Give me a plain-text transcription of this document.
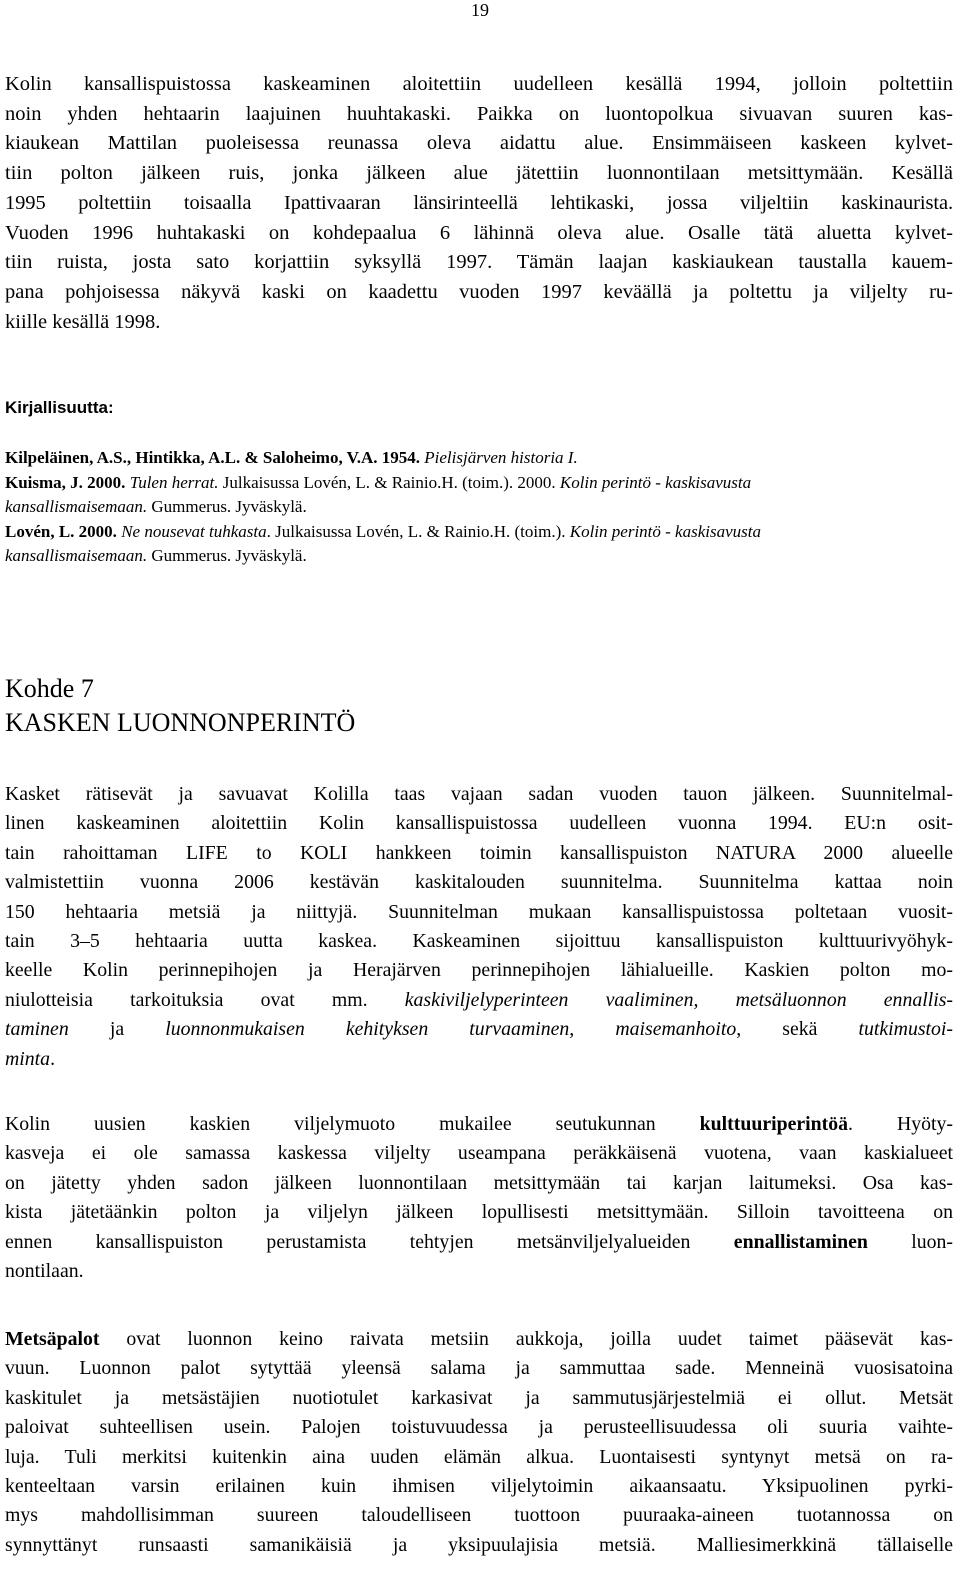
19
Kolin kansallispuistossa kaskeaminen aloitettiin uudelleen kesällä 1994, jolloin poltettiin
noin yhden hehtaarin laajuinen huuhtakaski. Paikka on luontopolkua sivuavan suuren kas-
kiaukean Mattilan puoleisessa reunassa oleva aidattu alue. Ensimmäiseen kaskeen kylvet-
tiin polton jälkeen ruis, jonka jälkeen alue jätettiin luonnontilaan metsittymään. Kesällä
1995 poltettiin toisaalla Ipattivaaran länsirinteellä lehtikaski, jossa viljeltiin kaskinaurista.
Vuoden 1996 huhtakaski on kohdepaalua 6 lähinnä oleva alue. Osalle tätä aluetta kylvet-
tiin ruista, josta sato korjattiin syksyllä 1997. Tämän laajan kaskiaukean taustalla kauem-
pana pohjoisessa näkyvä kaski on kaadettu vuoden 1997 keväällä ja poltettu ja viljelty ru-
kiille kesällä 1998.
Kirjallisuutta:
Kilpeläinen, A.S., Hintikka, A.L. & Saloheimo, V.A. 1954. Pielisjärven historia I.
Kuisma, J. 2000. Tulen herrat. Julkaisussa Lovén, L. & Rainio.H. (toim.). 2000. Kolin perintö - kaskisavusta kansallismaisemaan. Gummerus. Jyväskylä.
Lovén, L. 2000. Ne nousevat tuhkasta. Julkaisussa Lovén, L. & Rainio.H. (toim.). Kolin perintö - kaskisavusta kansallismaisemaan. Gummerus. Jyväskylä.
Kohde 7
KASKEN LUONNONPERINTÖ
Kasket rätisevät ja savuavat Kolilla taas vajaan sadan vuoden tauon jälkeen. Suunnitelmal-
linen kaskeaminen aloitettiin Kolin kansallispuistossa uudelleen vuonna 1994. EU:n osit-
tain rahoittaman LIFE to KOLI hankkeen toimin kansallispuiston NATURA 2000 alueelle
valmistettiin vuonna 2006 kestävän kaskitalouden suunnitelma. Suunnitelma kattaa noin
150 hehtaaria metsiä ja niittyjä. Suunnitelman mukaan kansallispuistossa poltetaan vuosit-
tain 3–5 hehtaaria uutta kaskea. Kaskeaminen sijoittuu kansallispuiston kulttuurivyöhyk-
keelle Kolin perinnepihojen ja Herajärven perinnepihojen lähialueille. Kaskien polton mo-
niulotteisia tarkoituksia ovat mm. kaskiviljelyperinteen vaaliminen, metsäluonnon ennallis-
taminen ja luonnonmukaisen kehityksen turvaaminen, maisemanhoito, sekä tutkimustoi-
minta.
Kolin uusien kaskien viljelymuoto mukailee seutukunnan kulttuuriperintöä. Hyöty-
kasveja ei ole samassa kaskessa viljelty useampana peräkkäisenä vuotena, vaan kaskialueet
on jätetty yhden sadon jälkeen luonnontilaan metsittymään tai karjan laitumeksi. Osa kas-
kista jätetäänkin polton ja viljelyn jälkeen lopullisesti metsittymään. Silloin tavoitteena on
ennen kansallispuiston perustamista tehtyjen metsänviljelyalueiden ennallistaminen luon-
nontilaan.
Metsäpalot ovat luonnon keino raivata metsiin aukkoja, joilla uudet taimet pääsevät kas-
vuun. Luonnon palot sytyttää yleensä salama ja sammuttaa sade. Menneinä vuosisatoina
kaskitulet ja metsästäjien nuotiotulet karkasivat ja sammutusjärjestelmiä ei ollut. Metsät
paloivat suhteellisen usein. Palojen toistuvuudessa ja perusteellisuudessa oli suuria vaihte-
luja. Tuli merkitsi kuitenkin aina uuden elämän alkua. Luontaisesti syntynyt metsä on ra-
kenteeltaan varsin erilainen kuin ihmisen viljelytoimin aikaansaatu. Yksipuolinen pyrki-
mys mahdollisimman suureen taloudelliseen tuottoon puuraaka-aineen tuotannossa on
synnyttänyt runsaasti samanikäisiä ja yksipuulajisia metsiä. Malliesimerkkinä tällaiselle
